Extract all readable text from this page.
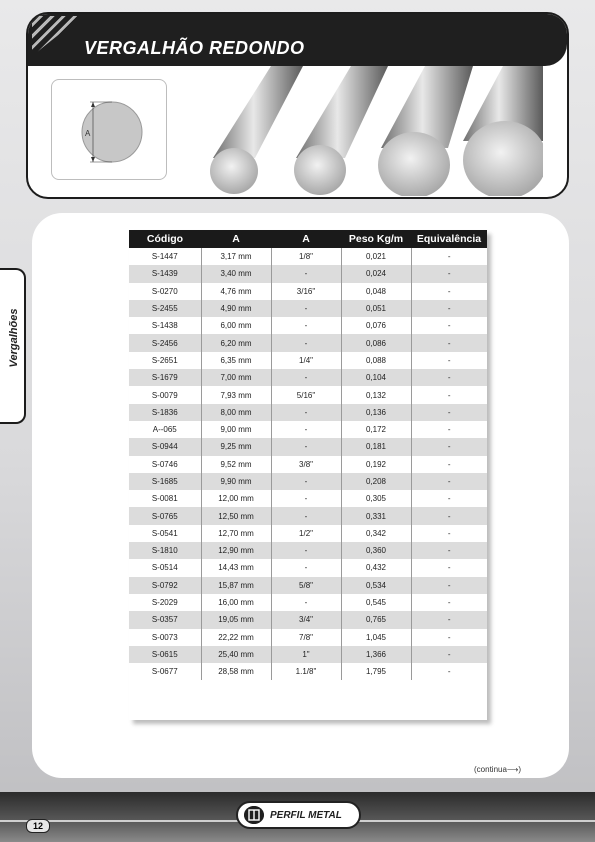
VERGALHÃO REDONDO
A
Vergalhões
Código	A	A	Peso Kg/m	Equivalência
S-1447	3,17 mm	1/8"	0,021	-
S-1439	3,40 mm	-	0,024	-
S-0270	4,76 mm	3/16"	0,048	-
S-2455	4,90 mm	-	0,051	-
S-1438	6,00 mm	-	0,076	-
S-2456	6,20 mm	-	0,086	-
S-2651	6,35 mm	1/4"	0,088	-
S-1679	7,00 mm	-	0,104	-
S-0079	7,93 mm	5/16"	0,132	-
S-1836	8,00 mm	-	0,136	-
A--065	9,00 mm	-	0,172	-
S-0944	9,25 mm	-	0,181	-
S-0746	9,52 mm	3/8"	0,192	-
S-1685	9,90 mm	-	0,208	-
S-0081	12,00 mm	-	0,305	-
S-0765	12,50 mm	-	0,331	-
S-0541	12,70 mm	1/2"	0,342	-
S-1810	12,90 mm	-	0,360	-
S-0514	14,43 mm	-	0,432	-
S-0792	15,87 mm	5/8"	0,534	-
S-2029	16,00 mm	-	0,545	-
S-0357	19,05 mm	3/4"	0,765	-
S-0073	22,22 mm	7/8"	1,045	-
S-0615	25,40 mm	1"	1,366	-
S-0677	28,58 mm	1.1/8"	1,795	-
(continua⟶)
12
PERFIL METAL
